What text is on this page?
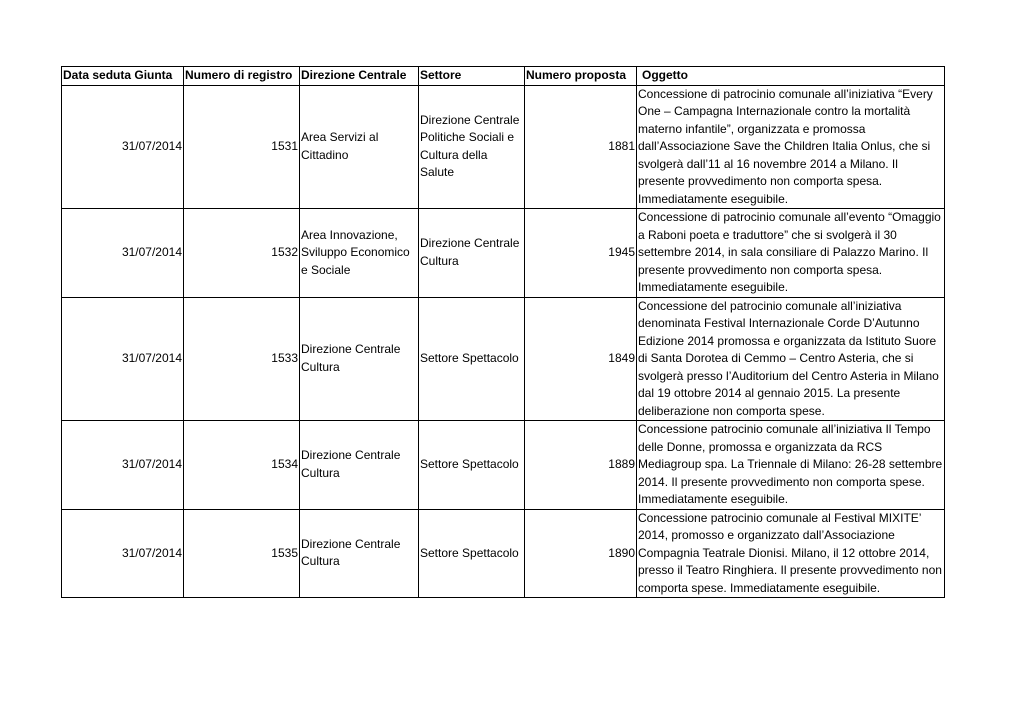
Data seduta Giunta	Numero di registro	Direzione Centrale	Settore	Numero proposta	Oggetto
31/07/2014	1531	Area Servizi al Cittadino	Direzione Centrale Politiche Sociali e Cultura della Salute	1881	Concessione di patrocinio comunale all’iniziativa “Every One – Campagna Internazionale contro la mortalità materno infantile”, organizzata e promossa dall’Associazione Save the Children Italia Onlus, che si svolgerà dall’11 al 16 novembre 2014 a Milano. Il presente provvedimento non comporta spesa. Immediatamente eseguibile.
31/07/2014	1532	Area Innovazione, Sviluppo Economico e Sociale	Direzione Centrale Cultura	1945	Concessione di patrocinio comunale all’evento “Omaggio a Raboni poeta e traduttore” che si svolgerà il 30 settembre 2014, in sala consiliare di Palazzo Marino. Il presente provvedimento non comporta spesa. Immediatamente eseguibile.
31/07/2014	1533	Direzione Centrale Cultura	Settore Spettacolo	1849	Concessione del patrocinio comunale all’iniziativa denominata Festival Internazionale Corde D’Autunno Edizione 2014 promossa e organizzata da Istituto Suore di Santa Dorotea di Cemmo – Centro Asteria, che si svolgerà presso l’Auditorium del Centro Asteria in Milano dal 19 ottobre 2014 al gennaio 2015. La presente deliberazione non comporta spese.
31/07/2014	1534	Direzione Centrale Cultura	Settore Spettacolo	1889	Concessione patrocinio comunale all’iniziativa Il Tempo delle Donne, promossa e organizzata da RCS Mediagroup spa. La Triennale di Milano: 26-28 settembre 2014. Il presente provvedimento non comporta spese. Immediatamente eseguibile.
31/07/2014	1535	Direzione Centrale Cultura	Settore Spettacolo	1890	Concessione patrocinio comunale al Festival MIXITE’ 2014, promosso e organizzato dall’Associazione Compagnia Teatrale Dionisi. Milano, il 12 ottobre 2014, presso il Teatro Ringhiera. Il presente provvedimento non comporta spese. Immediatamente eseguibile.
